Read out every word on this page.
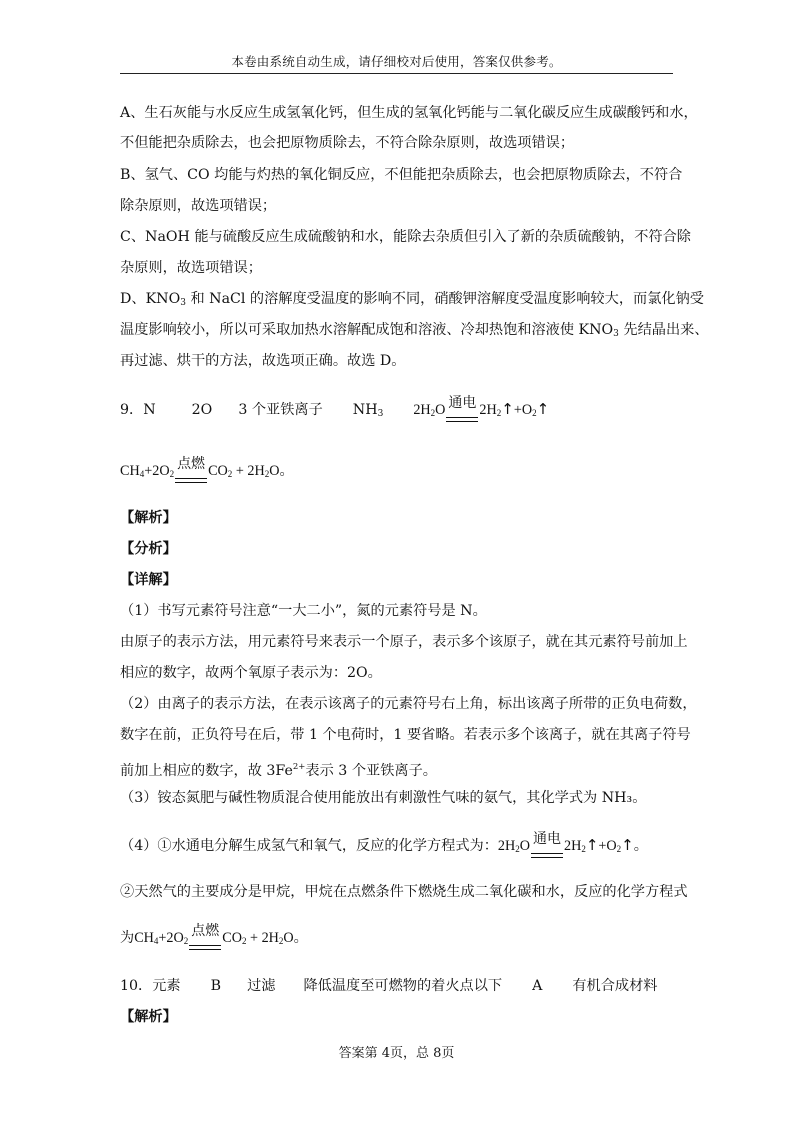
本卷由系统自动生成，请仔细校对后使用，答案仅供参考。
A、生石灰能与水反应生成氢氧化钙，但生成的氢氧化钙能与二氧化碳反应生成碳酸钙和水，
不但能把杂质除去，也会把原物质除去，不符合除杂原则，故选项错误；
B、氢气、CO 均能与灼热的氧化铜反应，不但能把杂质除去，也会把原物质除去，不符合
除杂原则，故选项错误；
C、NaOH 能与硫酸反应生成硫酸钠和水，能除去杂质但引入了新的杂质硫酸钠，不符合除
杂原则，故选项错误；
D、$KNO_3$ 和 NaCl 的溶解度受温度的影响不同，硝酸钾溶解度受温度影响较大，而氯化钠受
温度影响较小，所以可采取加热水溶解配成饱和溶液、冷却热饱和溶液使 $KNO_3$ 先结晶出来、
再过滤、烘干的方法，故选项正确。故选 D。
9．N	2O 3 个亚铁离子 $NH_3$ $2H_2O$ 通电 $2H_2↑+O_2↑$
$CH_4+2O_2$
点燃 $CO_2 + 2H_2O$。
【解析】
【分析】
【详解】
（1）书写元素符号注意“一大二小”，氮的元素符号是 N。
由原子的表示方法，用元素符号来表示一个原子，表示多个该原子，就在其元素符号前加上
相应的数字，故两个氧原子表示为：2O。
（2）由离子的表示方法，在表示该离子的元素符号右上角，标出该离子所带的正负电荷数，
数字在前，正负符号在后，带 1 个电荷时，1 要省略。若表示多个该离子，就在其离子符号
前加上相应的数字，故 $3Fe^{2+}$表示 3 个亚铁离子。
（3）铵态氮肥与碱性物质混合使用能放出有刺激性气味的氨气，其化学式为 NH₃。
（4）①水通电分解生成氢气和氧气，反应的化学方程式为：$2H_2O$ 通电 $2H_2↑+O_2↑$。
②天然气的主要成分是甲烷，甲烷在点燃条件下燃烧生成二氧化碳和水，反应的化学方程式
为$CH_4+2O_2$
点燃 $CO_2 + 2H_2O$。
10．元素 B 过滤 降低温度至可燃物的着火点以下 A 有机合成材料
【解析】
答案第 4页，总 8页
